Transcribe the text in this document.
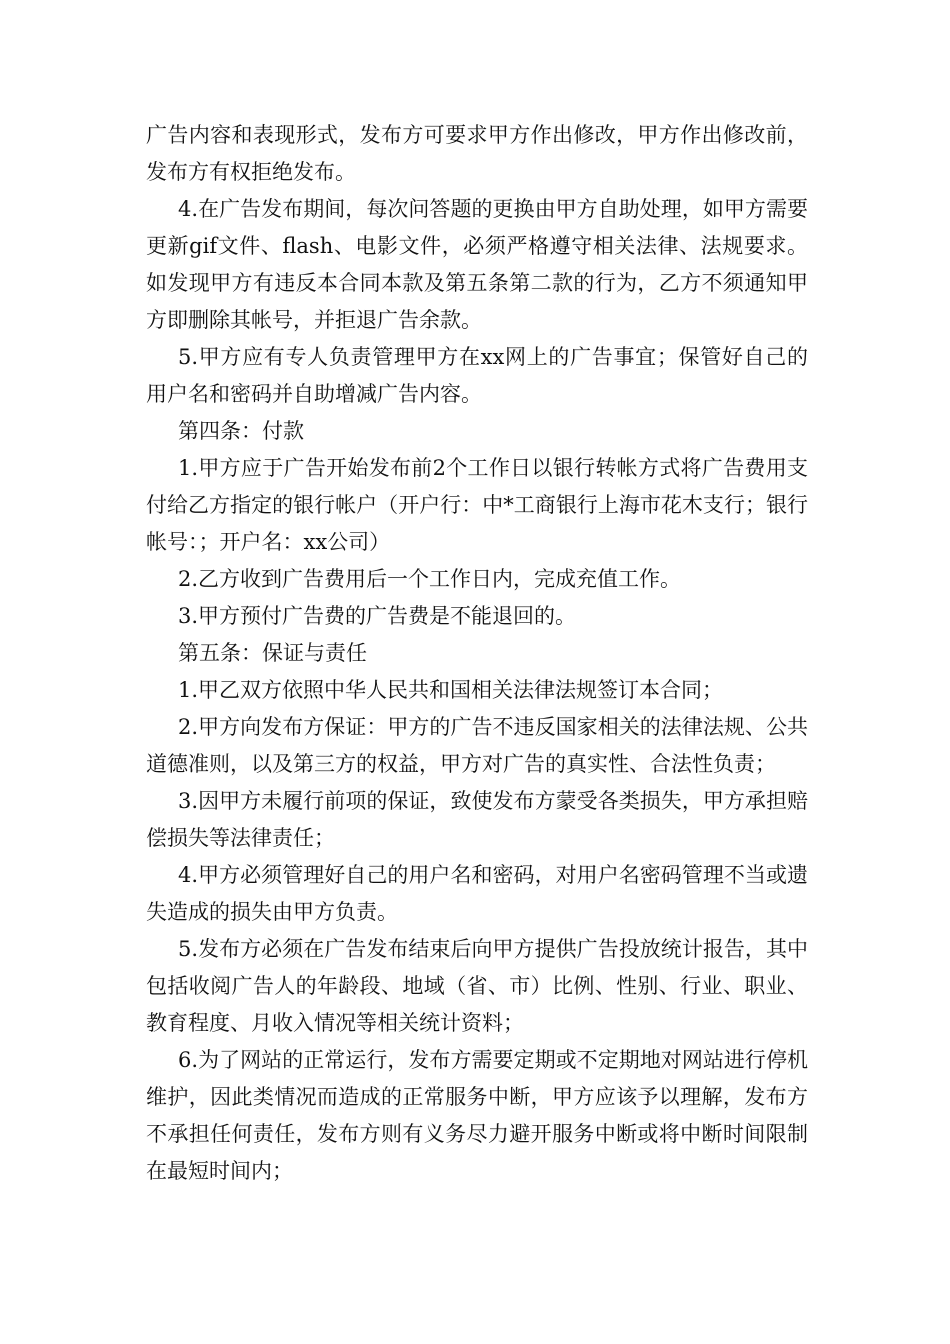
广告内容和表现形式，发布方可要求甲方作出修改，甲方作出修改前，发布方有权拒绝发布。

4.在广告发布期间，每次问答题的更换由甲方自助处理，如甲方需要更新gif文件、flash、电影文件，必须严格遵守相关法律、法规要求。如发现甲方有违反本合同本款及第五条第二款的行为，乙方不须通知甲方即删除其帐号，并拒退广告余款。

5.甲方应有专人负责管理甲方在xx网上的广告事宜；保管好自己的用户名和密码并自助增减广告内容。

第四条：付款

1.甲方应于广告开始发布前2个工作日以银行转帐方式将广告费用支付给乙方指定的银行帐户（开户行：中*工商银行上海市花木支行；银行帐号：；开户名：xx公司）

2.乙方收到广告费用后一个工作日内，完成充值工作。

3.甲方预付广告费的广告费是不能退回的。

第五条：保证与责任

1.甲乙双方依照中华人民共和国相关法律法规签订本合同；

2.甲方向发布方保证：甲方的广告不违反国家相关的法律法规、公共道德准则，以及第三方的权益，甲方对广告的真实性、合法性负责；

3.因甲方未履行前项的保证，致使发布方蒙受各类损失，甲方承担赔偿损失等法律责任；

4.甲方必须管理好自己的用户名和密码，对用户名密码管理不当或遗失造成的损失由甲方负责。

5.发布方必须在广告发布结束后向甲方提供广告投放统计报告，其中包括收阅广告人的年龄段、地域（省、市）比例、性别、行业、职业、教育程度、月收入情况等相关统计资料；

6.为了网站的正常运行，发布方需要定期或不定期地对网站进行停机维护，因此类情况而造成的正常服务中断，甲方应该予以理解，发布方不承担任何责任，发布方则有义务尽力避开服务中断或将中断时间限制在最短时间内；
